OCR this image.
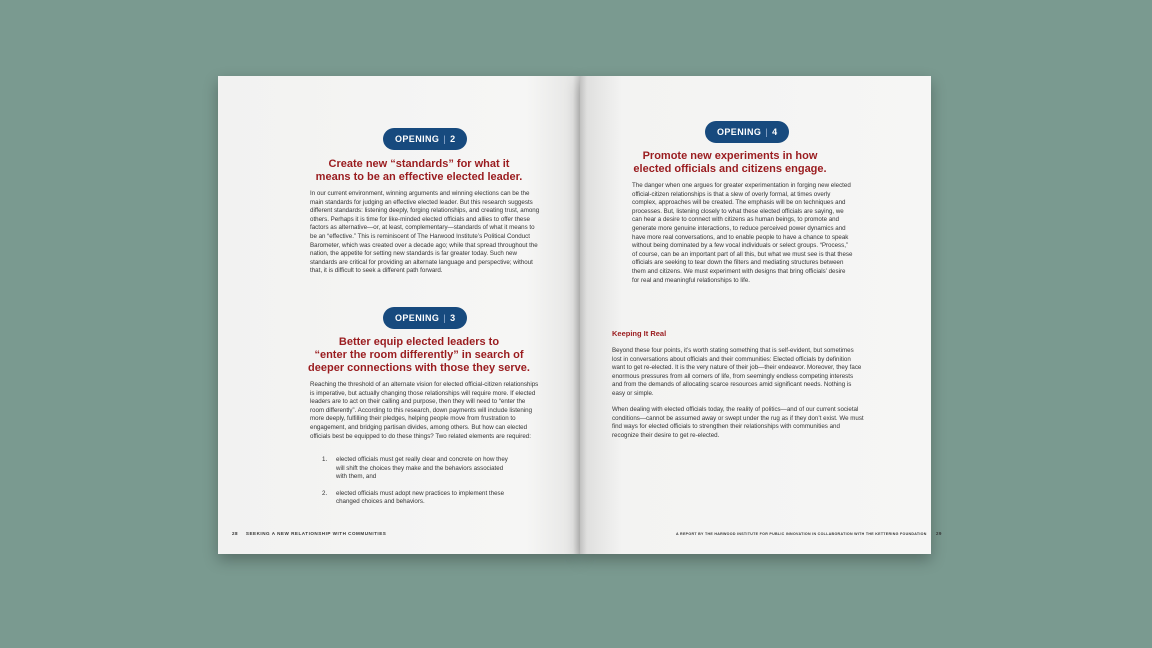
OPENING | 2
Create new “standards” for what it
means to be an effective elected leader.

In our current environment, winning arguments and winning elections can be the main standards for judging an effective elected leader. But this research suggests different standards: listening deeply, forging relationships, and creating trust, among others. Perhaps it is time for like-minded elected officials and allies to offer these factors as alternative—or, at least, complementary—standards of what it means to be an “effective.” This is reminiscent of The Harwood Institute’s Political Conduct Barometer, which was created over a decade ago; while that spread throughout the nation, the appetite for setting new standards is far greater today. Such new standards are critical for providing an alternate language and perspective; without that, it is difficult to seek a different path forward.

OPENING | 3
Better equip elected leaders to
“enter the room differently” in search of
deeper connections with those they serve.

Reaching the threshold of an alternate vision for elected official-citizen relationships is imperative, but actually changing those relationships will require more. If elected leaders are to act on their calling and purpose, then they will need to “enter the room differently”. According to this research, down payments will include listening more deeply, fulfilling their pledges, helping people move from frustration to engagement, and bridging partisan divides, among others. But how can elected officials best be equipped to do these things? Two related elements are required:

1. elected officials must get really clear and concrete on how they will shift the choices they make and the behaviors associated with them, and
2. elected officials must adopt new practices to implement these changed choices and behaviors.
28 SEEKING A NEW RELATIONSHIP WITH COMMUNITIES
OPENING | 4
Promote new experiments in how
elected officials and citizens engage.

The danger when one argues for greater experimentation in forging new elected official-citizen relationships is that a slew of overly formal, at times overly complex, approaches will be created. The emphasis will be on techniques and processes. But, listening closely to what these elected officials are saying, we can hear a desire to connect with citizens as human beings, to promote and generate more genuine interactions, to reduce perceived power dynamics and have more real conversations, and to enable people to have a chance to speak without being dominated by a few vocal individuals or select groups. “Process,” of course, can be an important part of all this, but what we must see is that these officials are seeking to tear down the filters and mediating structures between them and citizens. We must experiment with designs that bring officials’ desire for real and meaningful relationships to life.

Keeping It Real

Beyond these four points, it’s worth stating something that is self-evident, but sometimes lost in conversations about officials and their communities: Elected officials by definition want to get re-elected. It is the very nature of their job—their endeavor. Moreover, they face enormous pressures from all corners of life, from seemingly endless competing interests and from the demands of allocating scarce resources amid significant needs. Nothing is easy or simple.

When dealing with elected officials today, the reality of politics—and of our current societal conditions—cannot be assumed away or swept under the rug as if they don’t exist. We must find ways for elected officials to strengthen their relationships with communities and recognize their desire to get re-elected.

A REPORT BY THE HARWOOD INSTITUTE FOR PUBLIC INNOVATION IN COLLABORATION WITH THE KETTERING FOUNDATION 29
